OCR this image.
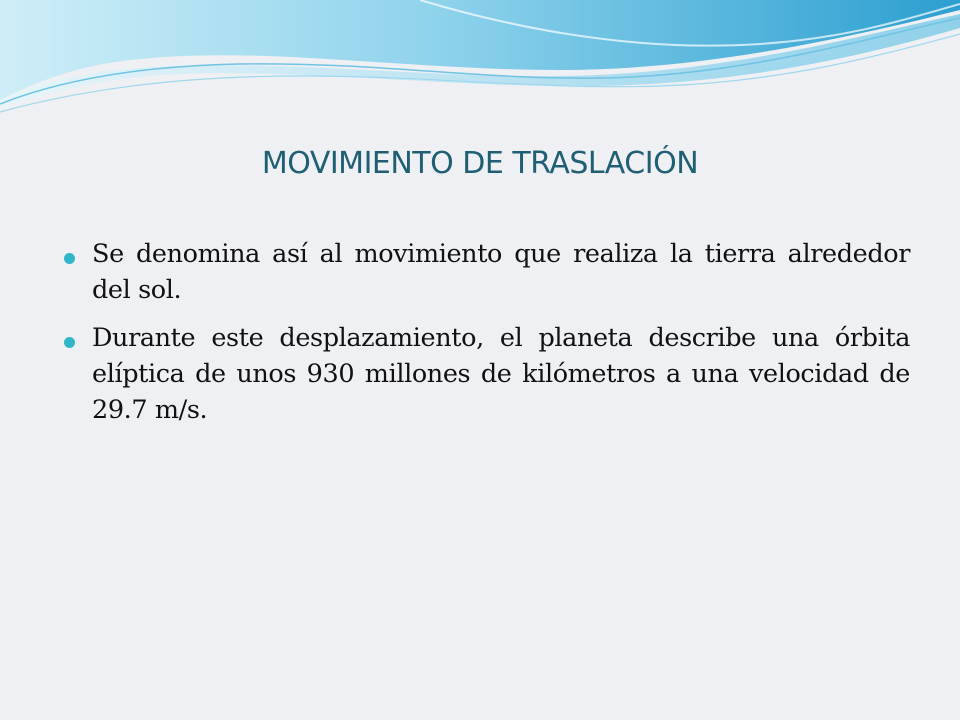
MOVIMIENTO DE TRASLACIÓN
Se denomina así al movimiento que realiza la tierra alrededor del sol.
Durante este desplazamiento, el planeta describe una órbita elíptica de unos 930 millones de kilómetros a una velocidad de 29.7 m/s.
